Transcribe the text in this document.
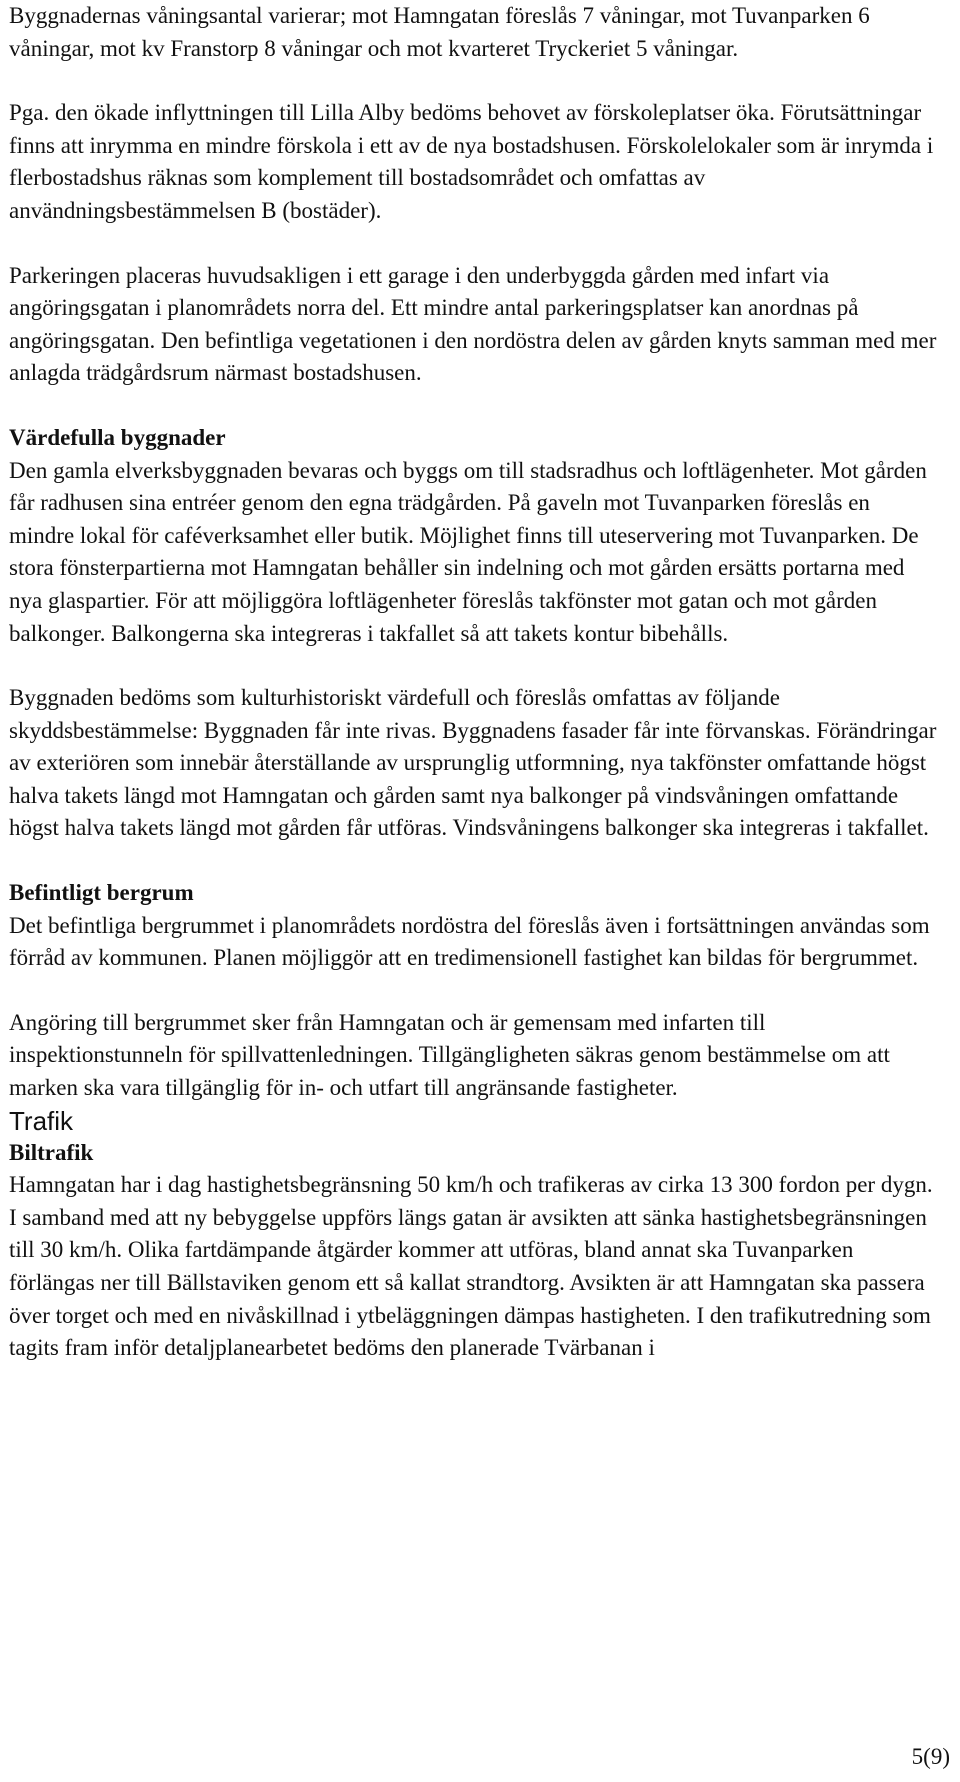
Byggnadernas våningsantal varierar; mot Hamngatan föreslås 7 våningar, mot Tuvanparken 6 våningar, mot kv Franstorp 8 våningar och mot kvarteret Tryckeriet 5 våningar.

Pga. den ökade inflyttningen till Lilla Alby bedöms behovet av förskoleplatser öka. Förutsättningar finns att inrymma en mindre förskola i ett av de nya bostadshusen. Förskolelokaler som är inrymda i flerbostadshus räknas som komplement till bostadsområdet och omfattas av användningsbestämmelsen B (bostäder).

Parkeringen placeras huvudsakligen i ett garage i den underbyggda gården med infart via angöringsgatan i planområdets norra del. Ett mindre antal parkeringsplatser kan anordnas på angöringsgatan. Den befintliga vegetationen i den nordöstra delen av gården knyts samman med mer anlagda trädgårdsrum närmast bostadshusen.

Värdefulla byggnader

Den gamla elverksbyggnaden bevaras och byggs om till stadsradhus och loftlägenheter. Mot gården får radhusen sina entréer genom den egna trädgården. På gaveln mot Tuvanparken föreslås en mindre lokal för caféverksamhet eller butik. Möjlighet finns till uteservering mot Tuvanparken. De stora fönsterpartierna mot Hamngatan behåller sin indelning och mot gården ersätts portarna med nya glaspartier. För att möjliggöra loftlägenheter föreslås takfönster mot gatan och mot gården balkonger. Balkongerna ska integreras i takfallet så att takets kontur bibehålls.

Byggnaden bedöms som kulturhistoriskt värdefull och föreslås omfattas av följande skyddsbestämmelse: Byggnaden får inte rivas. Byggnadens fasader får inte förvanskas. Förändringar av exteriören som innebär återställande av ursprunglig utformning, nya takfönster omfattande högst halva takets längd mot Hamngatan och gården samt nya balkonger på vindsvåningen omfattande högst halva takets längd mot gården får utföras. Vindsvåningens balkonger ska integreras i takfallet.

Befintligt bergrum

Det befintliga bergrummet i planområdets nordöstra del föreslås även i fortsättningen användas som förråd av kommunen. Planen möjliggör att en tredimensionell fastighet kan bildas för bergrummet.

Angöring till bergrummet sker från Hamngatan och är gemensam med infarten till inspektionstunneln för spillvattenledningen. Tillgängligheten säkras genom bestämmelse om att marken ska vara tillgänglig för in- och utfart till angränsande fastigheter.

Trafik
Biltrafik

Hamngatan har i dag hastighetsbegränsning 50 km/h och trafikeras av cirka 13 300 fordon per dygn. I samband med att ny bebyggelse uppförs längs gatan är avsikten att sänka hastighetsbegränsningen till 30 km/h. Olika fartdämpande åtgärder kommer att utföras, bland annat ska Tuvanparken förlängas ner till Bällstaviken genom ett så kallat strandtorg. Avsikten är att Hamngatan ska passera över torget och med en nivåskillnad i ytbeläggningen dämpas hastigheten. I den trafikutredning som tagits fram inför detaljplanearbetet bedöms den planerade Tvärbanan i

5(9)
